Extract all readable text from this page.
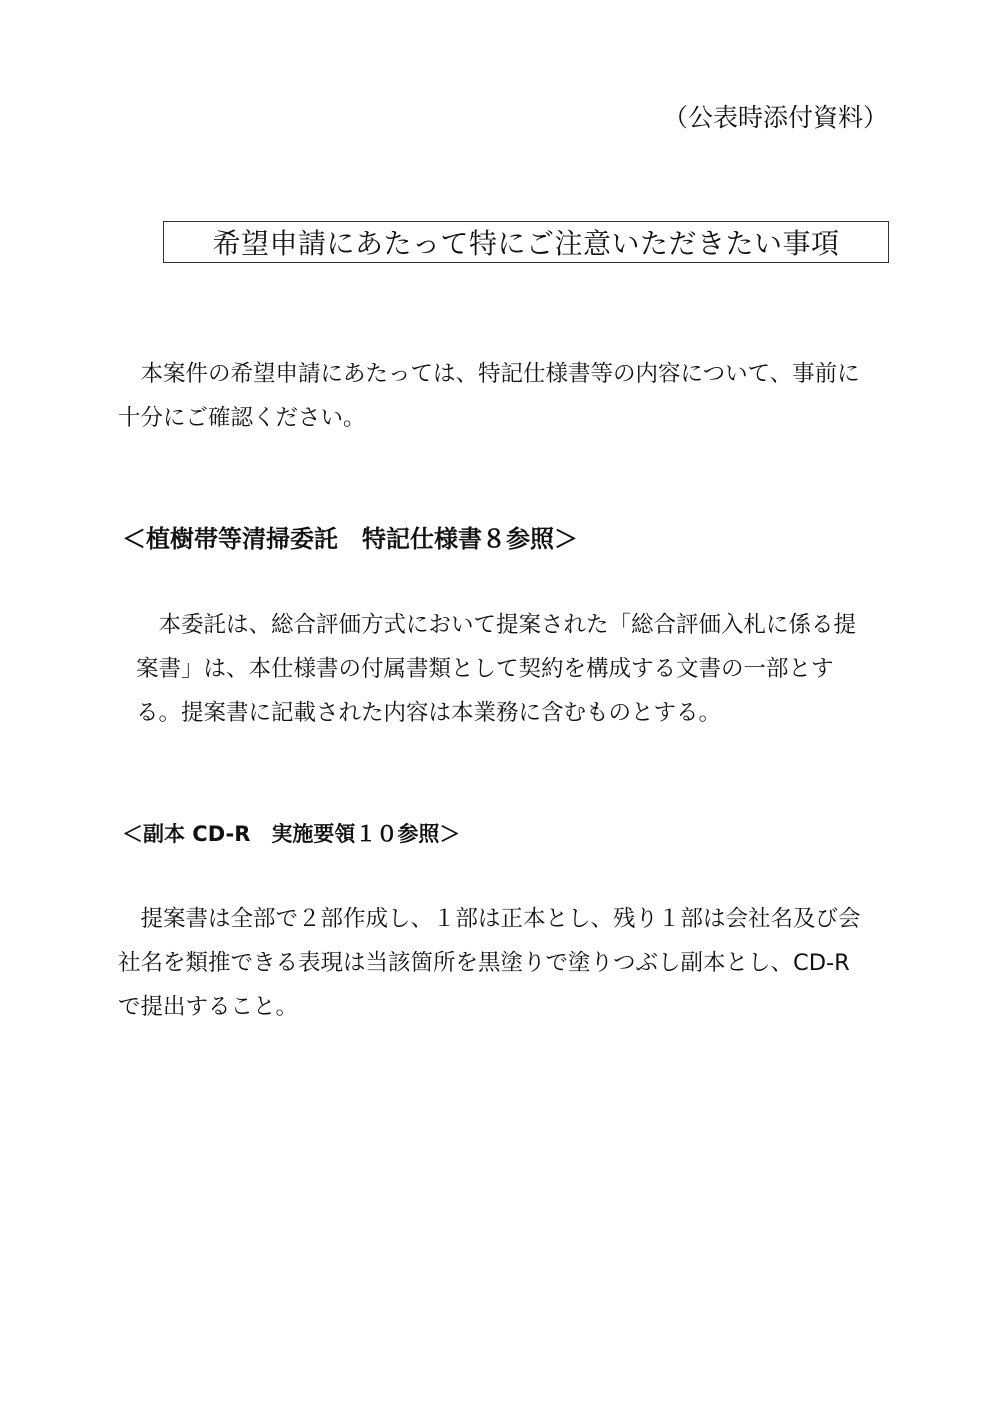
（公表時添付資料）
希望申請にあたって特にご注意いただきたい事項

　本案件の希望申請にあたっては、特記仕様書等の内容について、事前に
十分にご確認ください。

＜植樹帯等清掃委託　特記仕様書８参照＞

　本委託は、総合評価方式において提案された「総合評価入札に係る提
案書」は、本仕様書の付属書類として契約を構成する文書の一部とす
る。提案書に記載された内容は本業務に含むものとする。

＜副本 CD-R　実施要領１０参照＞

　提案書は全部で２部作成し、１部は正本とし、残り１部は会社名及び会
社名を類推できる表現は当該箇所を黒塗りで塗りつぶし副本とし、CD-R
で提出すること。
